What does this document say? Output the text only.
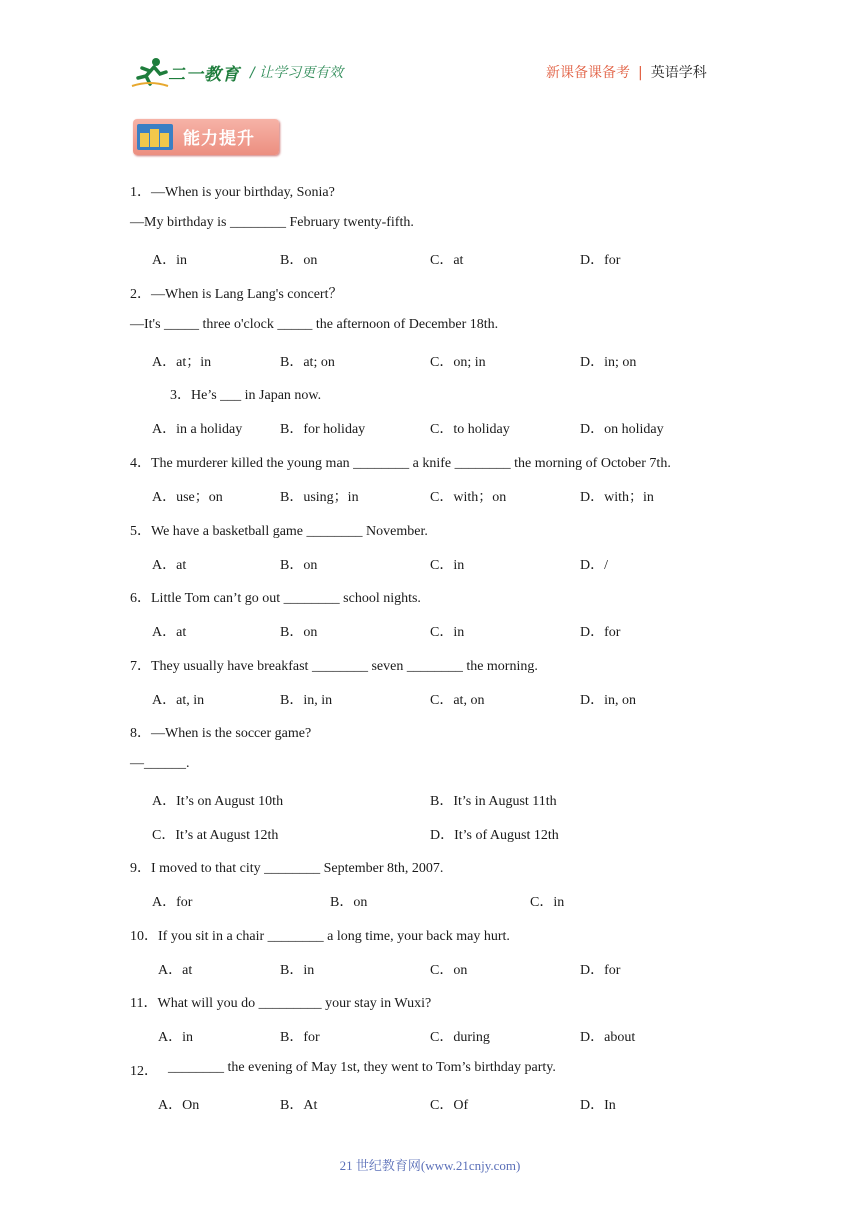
二一教育 / 让学习更有效	新课备课备考 | 英语学科
能力提升
1．—When is your birthday, Sonia?
—My birthday is ________ February twenty-fifth.
A．in	B．on	C．at	D．for
2．—When is Lang Lang's concert？
—It's _____ three o'clock _____ the afternoon of December 18th.
A．at；in	B．at; on	C．on; in	D．in; on
3．He’s ___ in Japan now.
A．in a holiday	B．for holiday	C．to holiday	D．on holiday
4．The murderer killed the young man ________ a knife ________ the morning of October 7th.
A．use；on	B．using；in	C．with；on	D．with；in
5．We have a basketball game ________ November.
A．at	B．on	C．in	D．/
6．Little Tom can’t go out ________ school nights.
A．at	B．on	C．in	D．for
7．They usually have breakfast ________ seven ________ the morning.
A．at, in	B．in, in	C．at, on	D．in, on
8．—When is the soccer game?
—______.
A．It’s on August 10th	B．It’s in August 11th
C．It’s at August 12th	D．It’s of August 12th
9．I moved to that city ________ September 8th, 2007.
A．for	B．on	C．in
10．If you sit in a chair ________ a long time, your back may hurt.
A．at	B．in	C．on	D．for
11．What will you do _________ your stay in Wuxi?
A．in	B．for	C．during	D．about
12． ________ the evening of May 1st, they went to Tom’s birthday party.
A．On	B．At	C．Of	D．In
21 世纪教育网(www.21cnjy.com)
